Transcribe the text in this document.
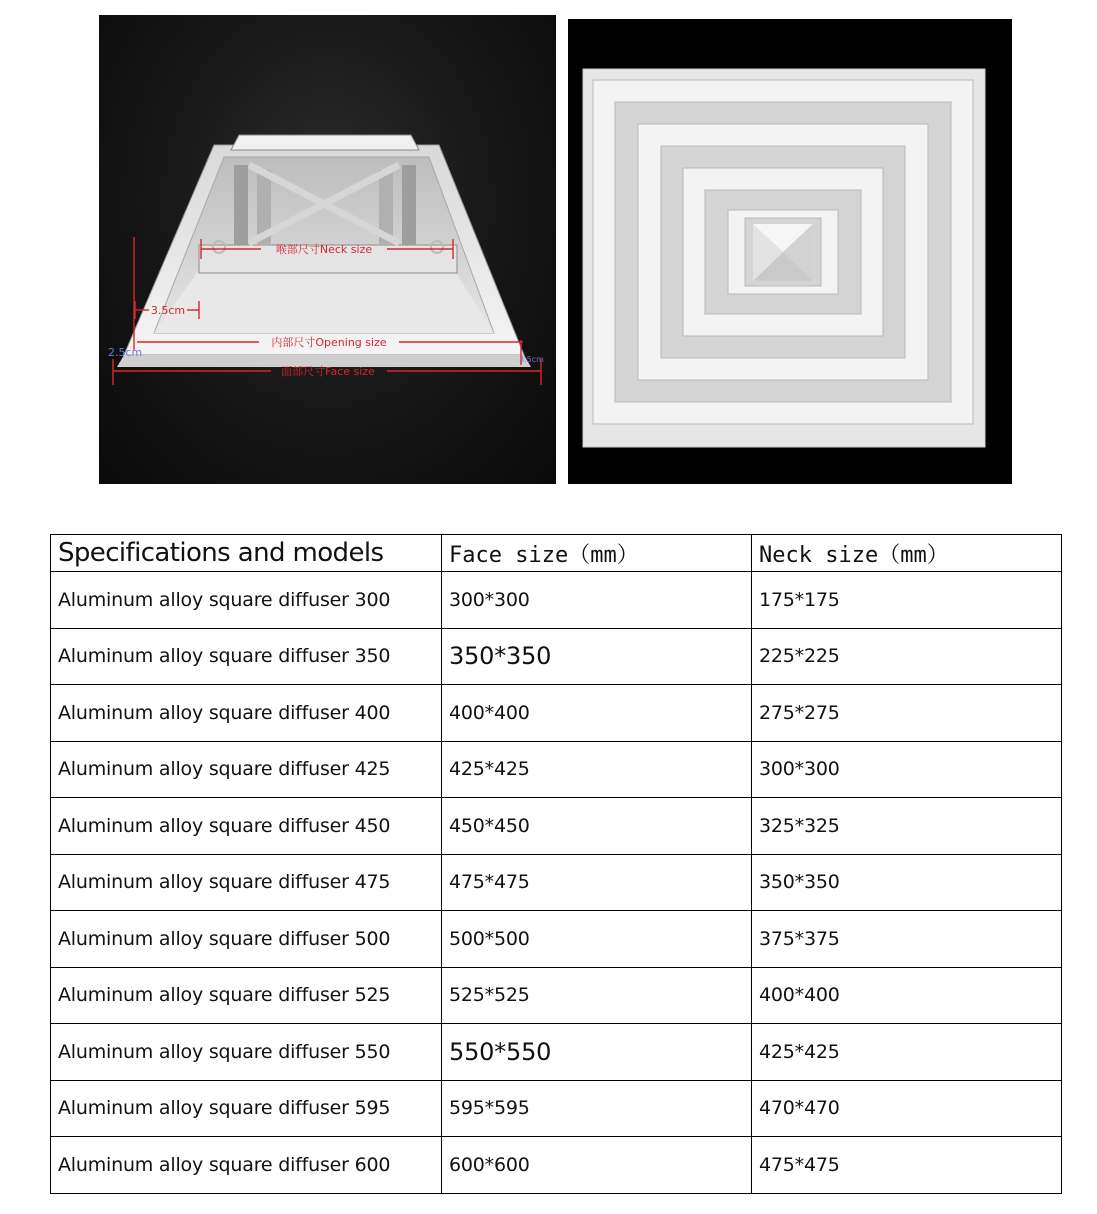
喉部尺寸Neck size
3.5cm
内部尺寸Opening size
2.5cm
3.5cm
面部尺寸Face size
Specifications and models	Face size（mm）	Neck size（mm）
Aluminum alloy square diffuser 300	300*300	175*175
Aluminum alloy square diffuser 350	350*350	225*225
Aluminum alloy square diffuser 400	400*400	275*275
Aluminum alloy square diffuser 425	425*425	300*300
Aluminum alloy square diffuser 450	450*450	325*325
Aluminum alloy square diffuser 475	475*475	350*350
Aluminum alloy square diffuser 500	500*500	375*375
Aluminum alloy square diffuser 525	525*525	400*400
Aluminum alloy square diffuser 550	550*550	425*425
Aluminum alloy square diffuser 595	595*595	470*470
Aluminum alloy square diffuser 600	600*600	475*475
